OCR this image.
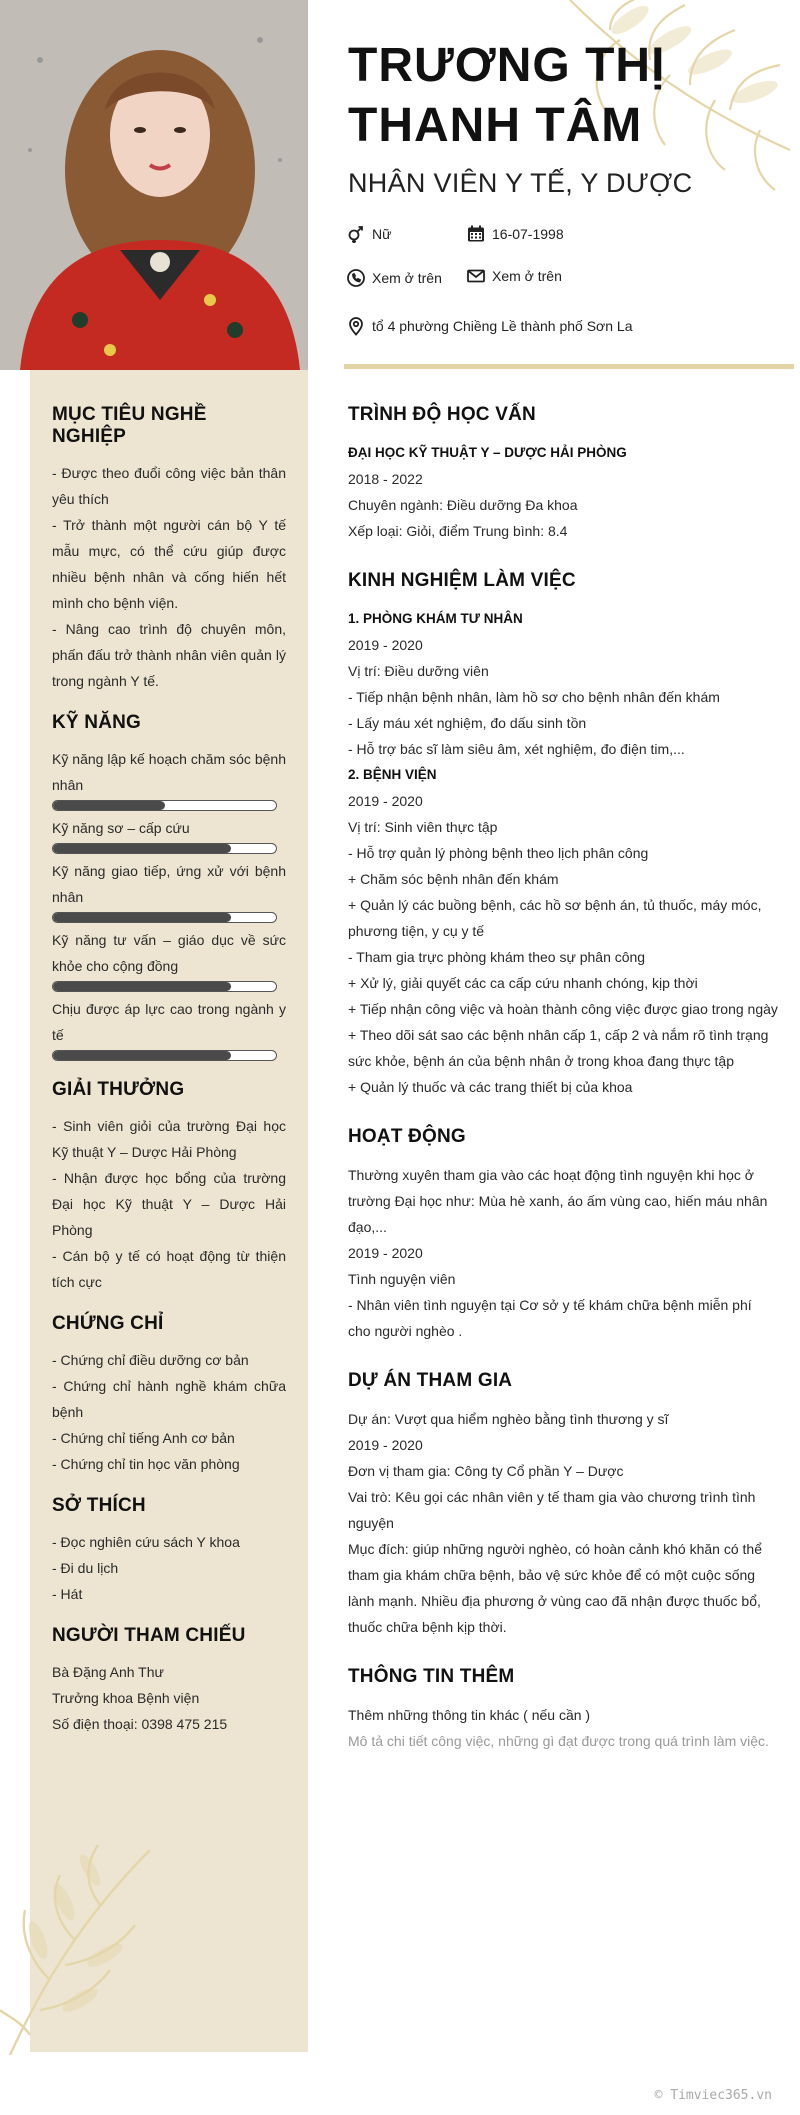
TRƯƠNG THỊ
THANH TÂM
NHÂN VIÊN Y TẾ, Y DƯỢC
Nữ	16-07-1998
Xem ở trên	Xem ở trên
tổ 4 phường Chiềng Lề thành phố Sơn La
MỤC TIÊU NGHỀ NGHIỆP
- Được theo đuổi công việc bản thân yêu thích
- Trở thành một người cán bộ Y tế mẫu mực, có thể cứu giúp được nhiều bệnh nhân và cống hiến hết mình cho bệnh viện.
- Nâng cao trình độ chuyên môn, phấn đấu trở thành nhân viên quản lý trong ngành Y tế.
KỸ NĂNG
Kỹ năng lập kế hoạch chăm sóc bệnh nhân
Kỹ năng sơ – cấp cứu
Kỹ năng giao tiếp, ứng xử với bệnh nhân
Kỹ năng tư vấn – giáo dục về sức khỏe cho cộng đồng
Chịu được áp lực cao trong ngành y tế
GIẢI THƯỞNG
- Sinh viên giỏi của trường Đại học Kỹ thuật Y – Dược Hải Phòng
- Nhận được học bổng của trường Đại học Kỹ thuật Y – Dược Hải Phòng
- Cán bộ y tế có hoạt động từ thiện tích cực
CHỨNG CHỈ
- Chứng chỉ điều dưỡng cơ bản
- Chứng chỉ hành nghề khám chữa bệnh
- Chứng chỉ tiếng Anh cơ bản
- Chứng chỉ tin học văn phòng
SỞ THÍCH
- Đọc nghiên cứu sách Y khoa
- Đi du lịch
- Hát
NGƯỜI THAM CHIẾU
Bà Đặng Anh Thư
Trưởng khoa Bệnh viện
Số điện thoại: 0398 475 215
TRÌNH ĐỘ HỌC VẤN
ĐẠI HỌC KỸ THUẬT Y – DƯỢC HẢI PHÒNG
2018 - 2022
Chuyên ngành: Điều dưỡng Đa khoa
Xếp loại: Giỏi, điểm Trung bình: 8.4
KINH NGHIỆM LÀM VIỆC
1. PHÒNG KHÁM TƯ NHÂN
2019 - 2020
Vị trí: Điều dưỡng viên
- Tiếp nhận bệnh nhân, làm hồ sơ cho bệnh nhân đến khám
- Lấy máu xét nghiệm, đo dấu sinh tồn
- Hỗ trợ bác sĩ làm siêu âm, xét nghiệm, đo điện tim,...
2. BỆNH VIỆN
2019 - 2020
Vị trí: Sinh viên thực tập
- Hỗ trợ quản lý phòng bệnh theo lịch phân công
+ Chăm sóc bệnh nhân đến khám
+ Quản lý các buồng bệnh, các hồ sơ bệnh án, tủ thuốc, máy móc, phương tiện, y cụ y tế
- Tham gia trực phòng khám theo sự phân công
+ Xử lý, giải quyết các ca cấp cứu nhanh chóng, kịp thời
+ Tiếp nhận công việc và hoàn thành công việc được giao trong ngày
+ Theo dõi sát sao các bệnh nhân cấp 1, cấp 2 và nắm rõ tình trạng sức khỏe, bệnh án của bệnh nhân ở trong khoa đang thực tập
+ Quản lý thuốc và các trang thiết bị của khoa
HOẠT ĐỘNG
Thường xuyên tham gia vào các hoạt động tình nguyện khi học ở trường Đại học như: Mùa hè xanh, áo ấm vùng cao, hiến máu nhân đạo,...
2019 - 2020
Tình nguyện viên
- Nhân viên tình nguyện tại Cơ sở y tế khám chữa bệnh miễn phí cho người nghèo .
DỰ ÁN THAM GIA
Dự án: Vượt qua hiểm nghèo bằng tình thương y sĩ
2019 - 2020
Đơn vị tham gia: Công ty Cổ phần Y – Dược
Vai trò: Kêu gọi các nhân viên y tế tham gia vào chương trình tình nguyện
Mục đích: giúp những người nghèo, có hoàn cảnh khó khăn có thể tham gia khám chữa bệnh, bảo vệ sức khỏe để có một cuộc sống lành mạnh. Nhiều địa phương ở vùng cao đã nhận được thuốc bổ, thuốc chữa bệnh kịp thời.
THÔNG TIN THÊM
Thêm những thông tin khác ( nếu cần )
Mô tả chi tiết công việc, những gì đạt được trong quá trình làm việc.
© Timviec365.vn
